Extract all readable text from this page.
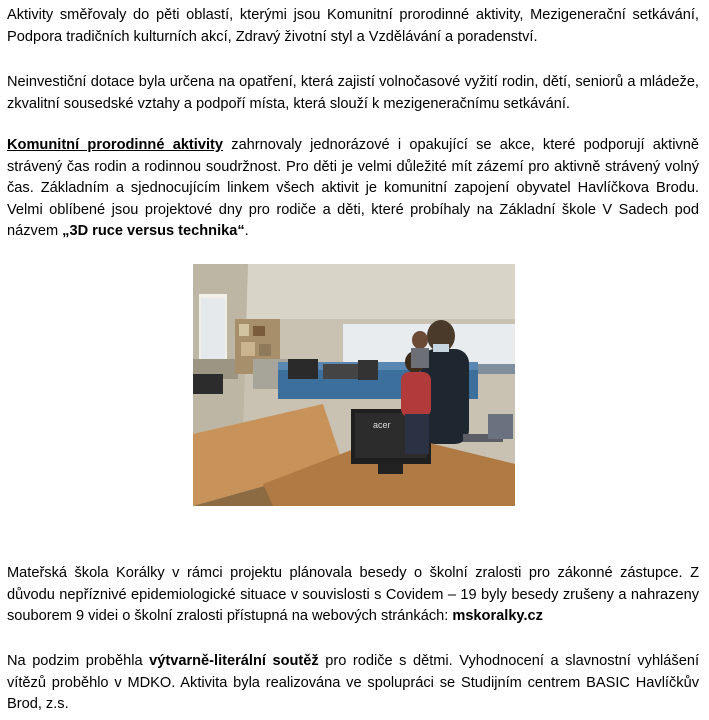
Aktivity směřovaly do pěti oblastí, kterými jsou Komunitní prorodinné aktivity, Mezigenerační setkávání, Podpora tradičních kulturních akcí, Zdravý životní styl a Vzdělávání a poradenství.

Neinvestiční dotace byla určena na opatření, která zajistí volnočasové vyžití rodin, dětí, seniorů a mládeže, zkvalitní sousedské vztahy a podpoří místa, která slouží k mezigeneračnímu setkávání.

Komunitní prorodinné aktivity zahrnovaly jednorázové i opakující se akce, které podporují aktivně strávený čas rodin a rodinnou soudržnost. Pro děti je velmi důležité mít zázemí pro aktivně strávený volný čas. Základním a sjednocujícím linkem všech aktivit je komunitní zapojení obyvatel Havlíčkova Brodu. Velmi oblíbené jsou projektové dny pro rodiče a děti, které probíhaly na Základní škole V Sadech pod názvem „3D ruce versus technika“.

acer

Mateřská škola Korálky v rámci projektu plánovala besedy o školní zralosti pro zákonné zástupce. Z důvodu nepříznivé epidemiologické situace v souvislosti s Covidem – 19 byly besedy zrušeny a nahrazeny souborem 9 videi o školní zralosti přístupná na webových stránkách: mskoralky.cz

Na podzim proběhla výtvarně-literální soutěž pro rodiče s dětmi. Vyhodnocení a slavnostní vyhlášení vítězů proběhlo v MDKO. Aktivita byla realizována ve spolupráci se Studijním centrem BASIC Havlíčkův Brod, z.s.
